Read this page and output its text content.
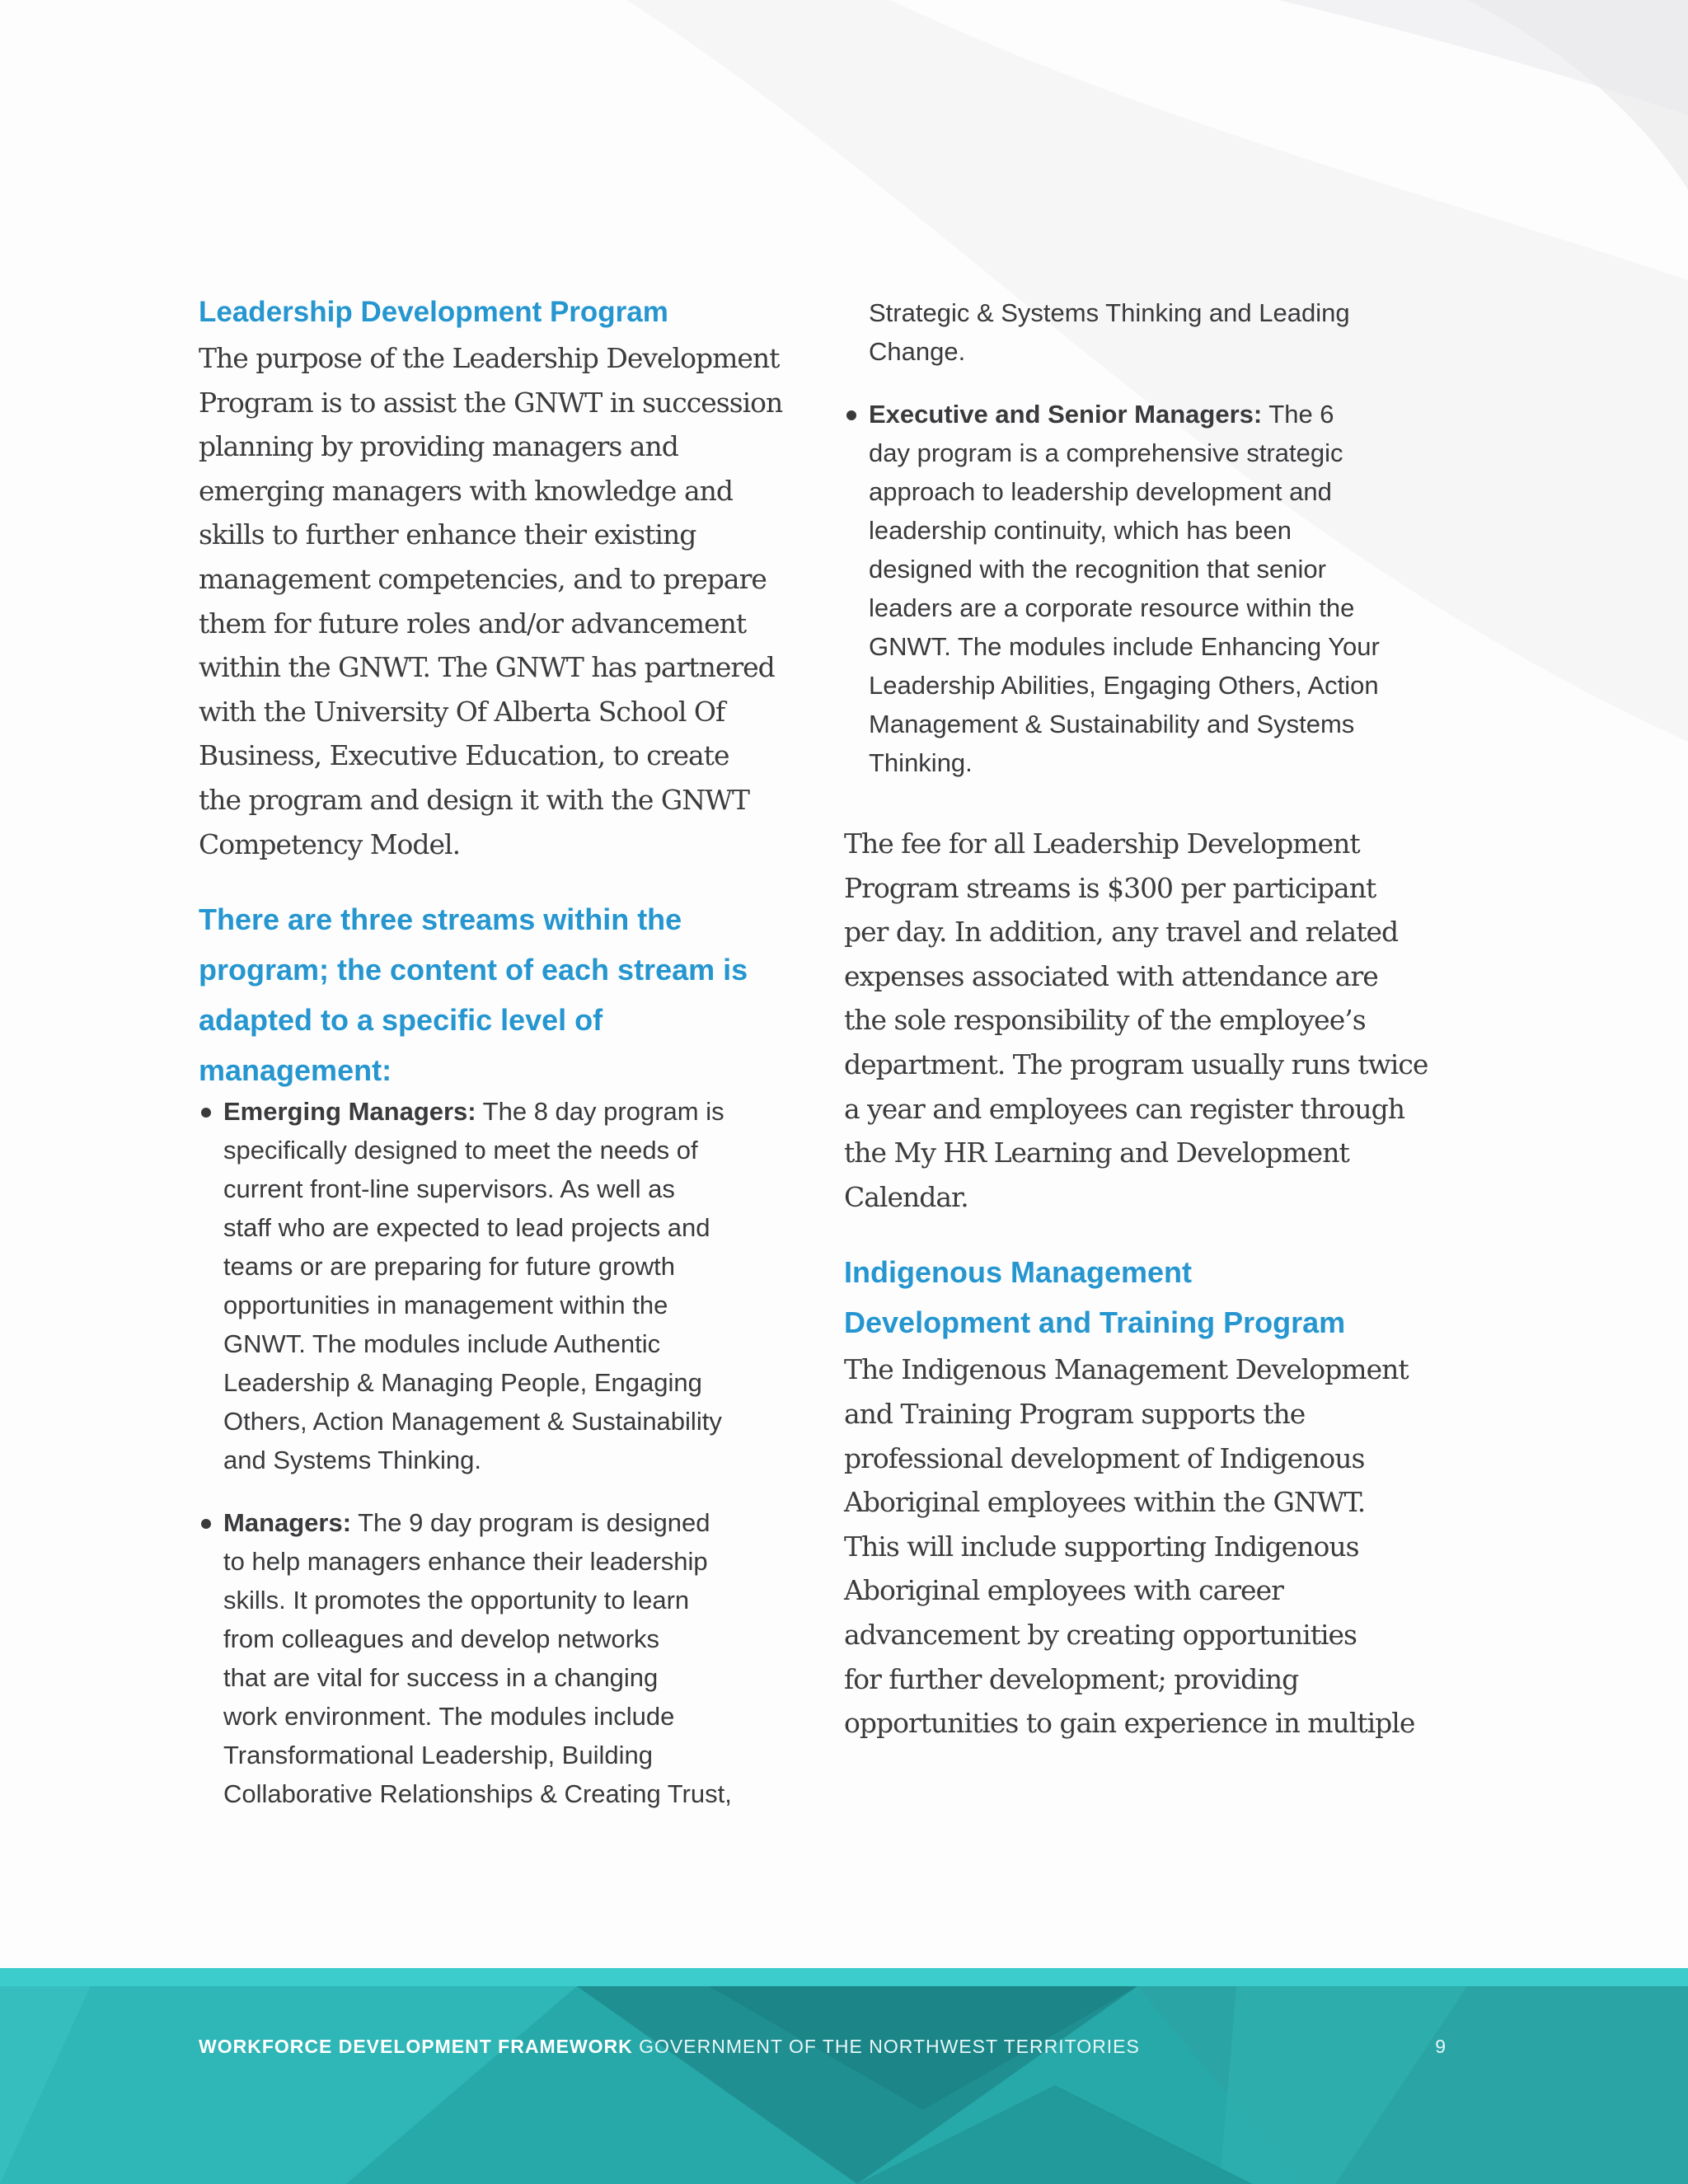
Leadership Development Program
The purpose of the Leadership Development
Program is to assist the GNWT in succession
planning by providing managers and
emerging managers with knowledge and
skills to further enhance their existing
management competencies, and to prepare
them for future roles and/or advancement
within the GNWT. The GNWT has partnered
with the University Of Alberta School Of
Business, Executive Education, to create
the program and design it with the GNWT
Competency Model.
There are three streams within the
program; the content of each stream is
adapted to a specific level of management:
Emerging Managers: The 8 day program is
specifically designed to meet the needs of
current front-line supervisors. As well as
staff who are expected to lead projects and
teams or are preparing for future growth
opportunities in management within the
GNWT. The modules include Authentic
Leadership & Managing People, Engaging
Others, Action Management & Sustainability
and Systems Thinking.
Managers: The 9 day program is designed
to help managers enhance their leadership
skills. It promotes the opportunity to learn
from colleagues and develop networks
that are vital for success in a changing
work environment. The modules include
Transformational Leadership, Building
Collaborative Relationships & Creating Trust,
Strategic & Systems Thinking and Leading
Change.
Executive and Senior Managers: The 6
day program is a comprehensive strategic
approach to leadership development and
leadership continuity, which has been
designed with the recognition that senior
leaders are a corporate resource within the
GNWT. The modules include Enhancing Your
Leadership Abilities, Engaging Others, Action
Management & Sustainability and Systems
Thinking.
The fee for all Leadership Development
Program streams is $300 per participant
per day. In addition, any travel and related
expenses associated with attendance are
the sole responsibility of the employee’s
department. The program usually runs twice
a year and employees can register through
the My HR Learning and Development
Calendar.
Indigenous Management
Development and Training Program
The Indigenous Management Development
and Training Program supports the
professional development of Indigenous
Aboriginal employees within the GNWT.
This will include supporting Indigenous
Aboriginal employees with career
advancement by creating opportunities
for further development; providing
opportunities to gain experience in multiple
WORKFORCE DEVELOPMENT FRAMEWORK GOVERNMENT OF THE NORTHWEST TERRITORIES	9
